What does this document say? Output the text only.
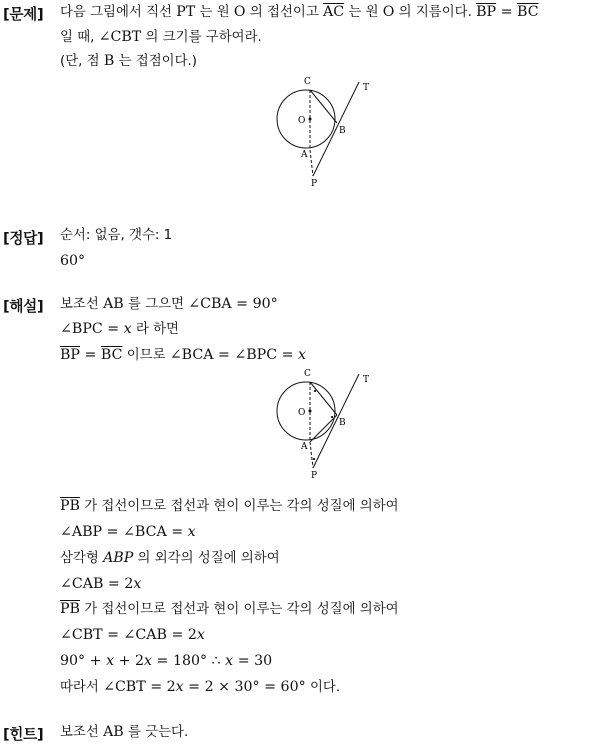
[문제] 다음 그림에서 직선 PT 는 원 O 의 접선이고 $\overline{AC}$ 는 원 O 의 지름이다. $\overline{BP} = \overline{BC}$
일 때, ∠CBT 의 크기를 구하여라.
(단, 점 B 는 접점이다.)
C
O
A
B
P
T
[정답] 순서: 없음, 갯수: 1
60°
[해설] 보조선 AB 를 그으면 ∠CBA = 90°
∠BPC = x 라 하면
$\overline{BP} = \overline{BC}$ 이므로 ∠BCA = ∠BPC = x
C
O
A
B
P
T
$\overline{PB}$ 가 접선이므로 접선과 현이 이루는 각의 성질에 의하여
∠ABP = ∠BCA = x
삼각형 ABP 의 외각의 성질에 의하여
∠CAB = 2x
$\overline{PB}$ 가 접선이므로 접선과 현이 이루는 각의 성질에 의하여
∠CBT = ∠CAB = 2x
90° + x + 2x = 180° ∴ x = 30
따라서 ∠CBT = 2x = 2 × 30° = 60° 이다.
[힌트] 보조선 AB 를 긋는다.
